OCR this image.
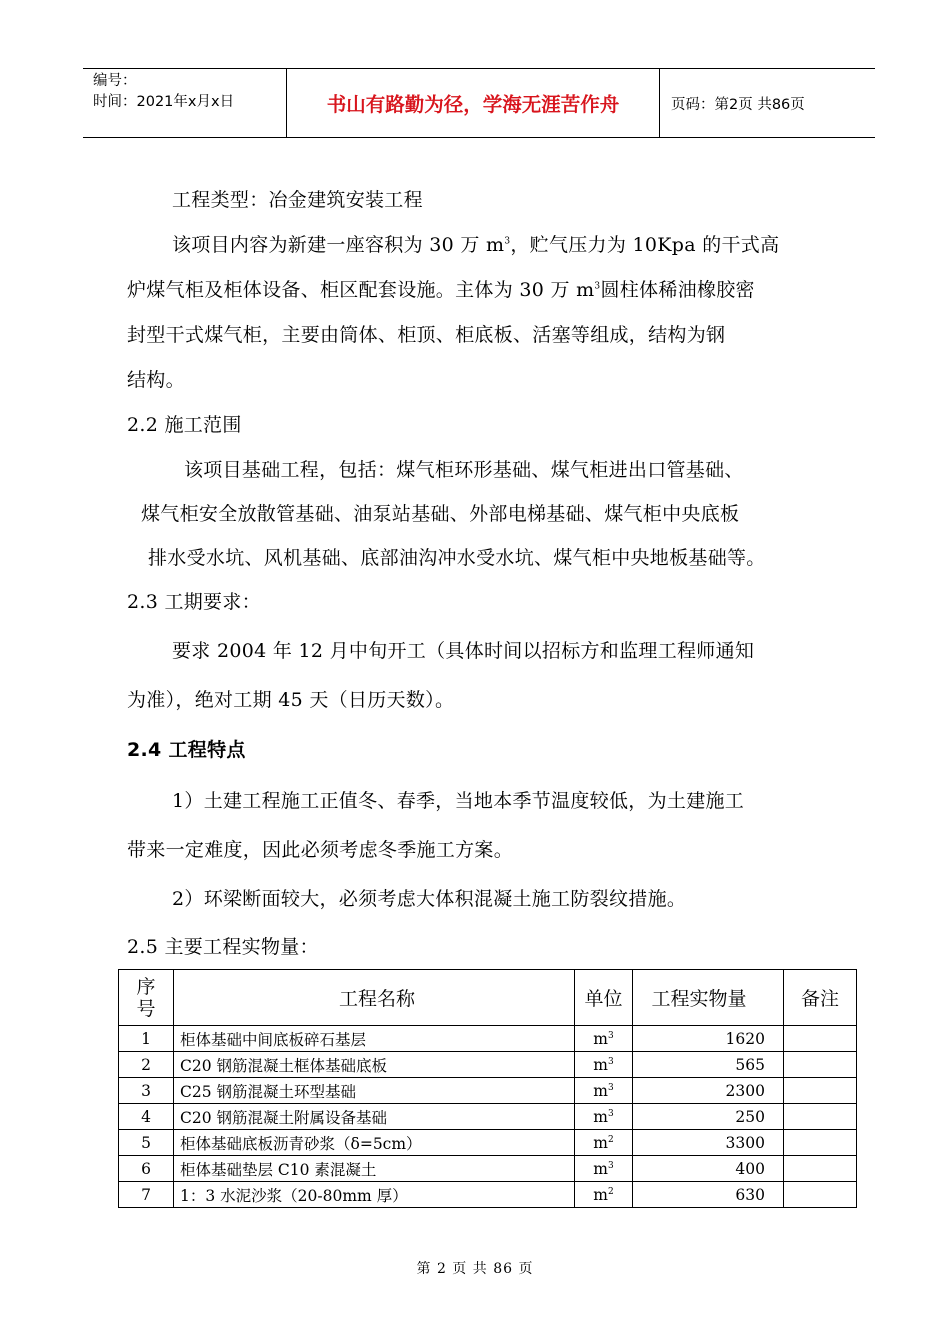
编号：
时间：2021年x月x日	书山有路勤为径，学海无涯苦作舟	页码：第2页 共86页
工程类型：冶金建筑安装工程
该项目内容为新建一座容积为 30 万 $m^3$，贮气压力为 10Kpa 的干式高
炉煤气柜及柜体设备、柜区配套设施。主体为 30 万 $m^3$圆柱体稀油橡胶密
封型干式煤气柜，主要由筒体、柜顶、柜底板、活塞等组成，结构为钢
结构。
2.2 施工范围
该项目基础工程，包括：煤气柜环形基础、煤气柜进出口管基础、
煤气柜安全放散管基础、油泵站基础、外部电梯基础、煤气柜中央底板
排水受水坑、风机基础、底部油沟冲水受水坑、煤气柜中央地板基础等。
2.3 工期要求：
要求 2004 年 12 月中旬开工（具体时间以招标方和监理工程师通知
为准），绝对工期 45 天（日历天数）。
2.4 工程特点
1）土建工程施工正值冬、春季，当地本季节温度较低，为土建施工
带来一定难度，因此必须考虑冬季施工方案。
2）环梁断面较大，必须考虑大体积混凝土施工防裂纹措施。
2.5 主要工程实物量：
序
号	工程名称	单位	工程实物量	备注
1	柜体基础中间底板碎石基层	$m^3$	1620	
2	C20 钢筋混凝土框体基础底板	$m^3$	565	
3	C25 钢筋混凝土环型基础	$m^3$	2300	
4	C20 钢筋混凝土附属设备基础	$m^3$	250	
5	柜体基础底板沥青砂浆（δ=5cm）	$m^2$	3300	
6	柜体基础垫层 C10 素混凝土	$m^3$	400	
7	1：3 水泥沙浆（20-80mm 厚）	$m^2$	630	
第 2 页 共 86 页
